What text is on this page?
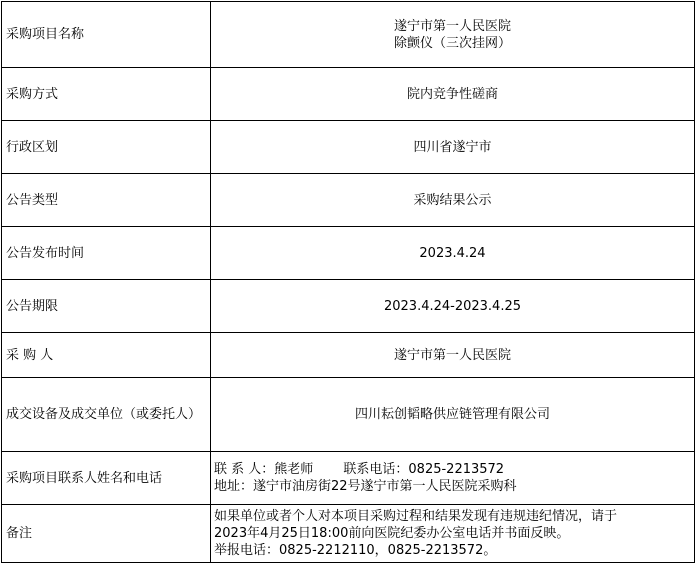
采购项目名称	遂宁市第一人民医院
除颤仪（三次挂网）

采购方式	院内竞争性磋商

行政区划	四川省遂宁市

公告类型	采购结果公示

公告发布时间	2023.4.24

公告期限	2023.4.24-2023.4.25

采 购 人	遂宁市第一人民医院

成交设备及成交单位（或委托人）	四川耘创韬略供应链管理有限公司

采购项目联系人姓名和电话	联 系 人：熊老师　　 联系电话：0825-2213572
地址：遂宁市油房街22号遂宁市第一人民医院采购科

备注	如果单位或者个人对本项目采购过程和结果发现有违规违纪情况，请于
2023年4月25日18:00前向医院纪委办公室电话并书面反映。
举报电话：0825-2212110，0825-2213572。
